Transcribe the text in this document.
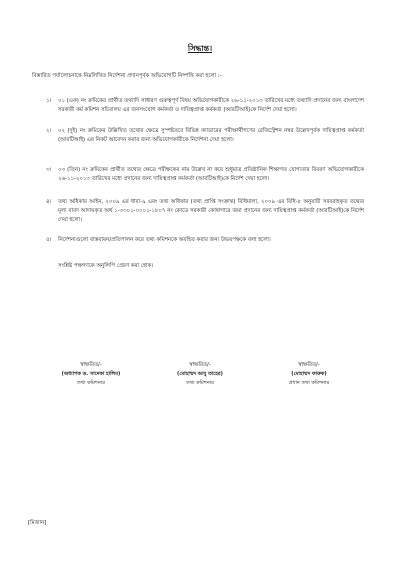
সিদ্ধান্ত।
বিস্তারিত পর্যালোচনান্তে নিম্নলিখিত নির্দেশনা প্রদানপূর্বক অভিযোগটি নিষ্পত্তি করা হলো :-
১।	০১ (এক) নং ক্রমিকের প্রার্থীত তথ্যাদি সাধারণ গুরুত্বপূর্ণ বিষয় অভিযোগকারীকে ২৬-১১-২০১৩ তারিখের মধ্যে তথ্যাদি প্রদানের জন্য বাংলাদেশ সরকারী কর্ম কমিশন সচিবালয় এর জনসংযোগ কর্মকর্তা ও দায়িত্বপ্রাপ্ত কর্মকর্তা (আরটিআই)কে নির্দেশ দেয়া হলো।
২।	০২ (দুই) নং ক্রমিকের উল্লিখিত তথ্যের ক্ষেত্রে সুস্পষ্টতবে বিভিন্ন ক্যাডারের পরীক্ষার্থীগণের রেজিস্ট্রেশন নম্বর উল্লেখপূর্বক দায়িত্বপ্রাপ্ত কর্মকর্তা (আরটিআই) এর নিকট আবেদন করার জন্য অভিযোগকারীকে নির্দেশনা দেয়া হলো।
৩।	০৩ (তিন) নং ক্রমিকের প্রার্থীত তথ্যের ক্ষেত্রে পরীক্ষকের নাম উল্লেখ না করে শুধুমাত্র প্রতিষ্ঠানিক শিক্ষাগত যোগ্যতার বিবরণ অভিযোগকারীকে ২৬-১১-২০১৩ তারিখের মধ্যে প্রদানের জন্য দায়িত্বপ্রাপ্ত কর্মকর্তা (আরটিআই)কে নির্দেশ দেয়া হলো।
৪।	তথ্য অধিকার আইন, ২০০৯ এর ধারা-৯ এবং তথ্য অধিকার (তথ্য প্রাপ্তি সংক্রান্ত) বিধিমালা, ২০০৯ এর বিধি-৮ অনুযায়ী সরবরাহকৃত তথ্যের মূল্য বাবদ আদায়কৃত অর্থ ১-৩৩০১-০০০১-১৮০৭ নং কোডে সরকারী কোষাগারে জমা প্রদানের জন্য দায়িত্বপ্রাপ্ত কর্মকর্তা (আরটিআই)কে নির্দেশ দেয়া হলো।
৫।	নির্দেশনাগুলো বাস্তবায়ন/প্রতিপালন করে তথ্য কমিশনকে অবহিত করার জন্য উভয়পক্ষকে বলা হলো।
সংশ্লিষ্ট পক্ষগণকে অনুলিপি প্রেরণ করা হোক।
স্বাক্ষরিত/-
(অধ্যাপক ড. সাদেকা হালিম)
তথ্য কমিশনার
স্বাক্ষরিত/-
(মোহাম্মদ আবু তাহের)
তথ্য কমিশনার
স্বাক্ষরিত/-
(মোহাম্মদ ফারুক)
প্রধান তথ্য কমিশনার
[মিজান]
